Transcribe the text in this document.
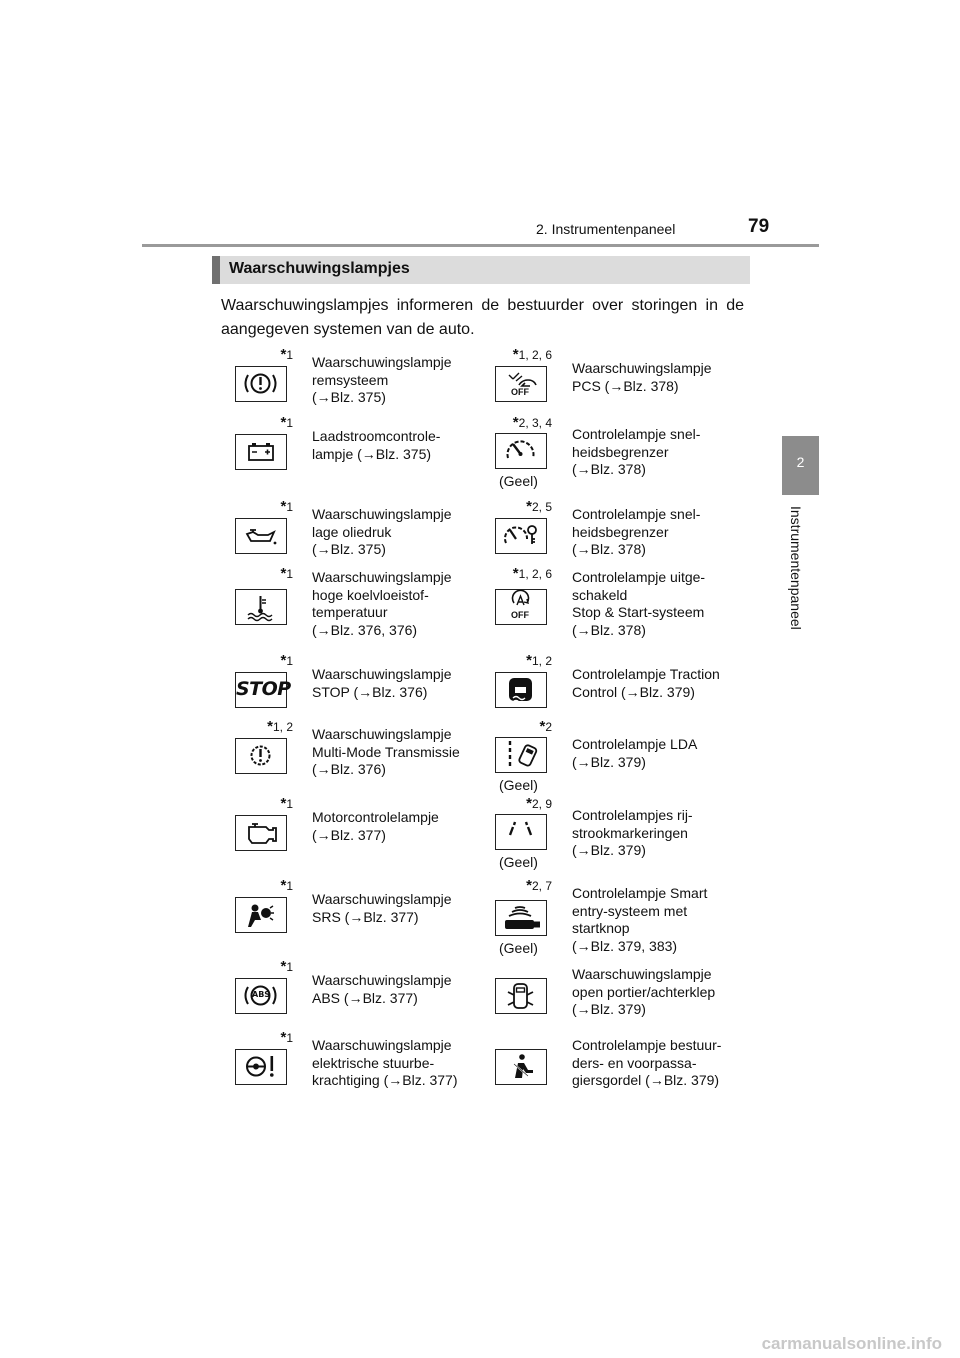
2. Instrumentenpaneel	79
2
Instrumentenpaneel
Waarschuwingslampjes
Waarschuwingslampjes informeren de bestuurder over storingen in de aangegeven systemen van de auto.
*1 Waarschuwingslampje
remsysteem
(→Blz. 375)
*1
Laadstroomcontrole-
lampje (→Blz. 375)
*1 Waarschuwingslampje
lage oliedruk
(→Blz. 375)
*1 Waarschuwingslampje
hoge koelvloeistof-
temperatuur
(→Blz. 376, 376)
*1
STOP
Waarschuwingslampje
STOP (→Blz. 376)
*1, 2 Waarschuwingslampje
Multi-Mode Transmissie
(→Blz. 376)
*1
Motorcontrolelampje
(→Blz. 377)
*1
Waarschuwingslampje
SRS (→Blz. 377)
*1
ABS
Waarschuwingslampje
ABS (→Blz. 377)
*1 Waarschuwingslampje
elektrische stuurbe-
krachtiging (→Blz. 377)
*1, 2, 6
OFF
Waarschuwingslampje
PCS (→Blz. 378)
*2, 3, 4
(Geel)
Controlelampje snel-
heidsbegrenzer
(→Blz. 378)
*2, 5 Controlelampje snel-
heidsbegrenzer
(→Blz. 378)
*1, 2, 6
OFF
Controlelampje uitge-
schakeld
Stop & Start-systeem
(→Blz. 378)
*1, 2
Controlelampje Traction
Control (→Blz. 379)
*2
(Geel)
Controlelampje LDA
(→Blz. 379)
*2, 9
(Geel)
Controlelampjes rij-
strookmarkeringen
(→Blz. 379)
*2, 7
(Geel)
Controlelampje Smart
entry-systeem met
startknop
(→Blz. 379, 383)
Waarschuwingslampje
open portier/achterklep
(→Blz. 379)
Controlelampje bestuur-
ders- en voorpassa-
giersgordel (→Blz. 379)
carmanualsonline.info
